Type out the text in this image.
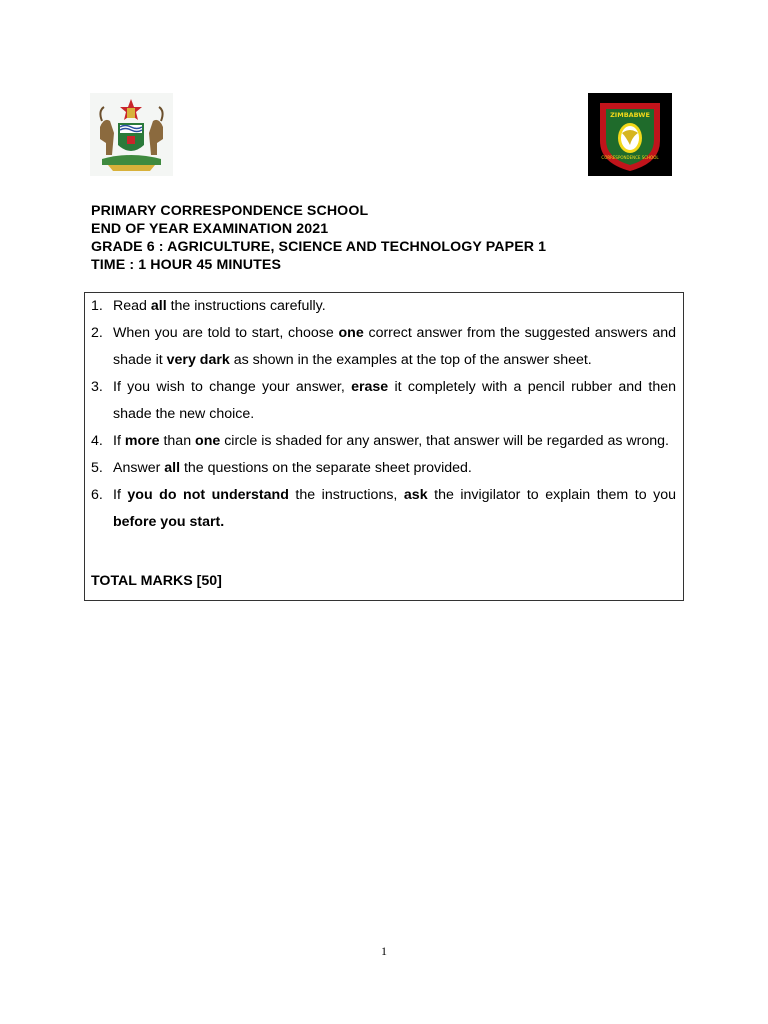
ZIMBABWE
CORRESPONDENCE SCHOOL
PRIMARY CORRESPONDENCE SCHOOL
END OF YEAR EXAMINATION 2021
GRADE 6 : AGRICULTURE, SCIENCE AND TECHNOLOGY PAPER 1
TIME : 1 HOUR 45 MINUTES
1. Read all the instructions carefully.
2. When you are told to start, choose one correct answer from the suggested answers and shade it very dark as shown in the examples at the top of the answer sheet.
3. If you wish to change your answer, erase it completely with a pencil rubber and then shade the new choice.
4. If more than one circle is shaded for any answer, that answer will be regarded as wrong.
5. Answer all the questions on the separate sheet provided.
6. If you do not understand the instructions, ask the invigilator to explain them to you before you start.
TOTAL MARKS [50]
1
